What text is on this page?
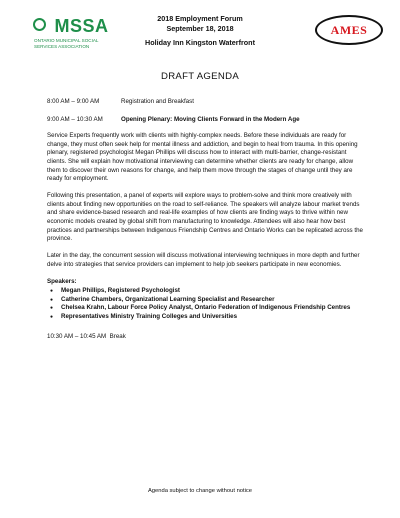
MSSA
ONTARIO MUNICIPAL SOCIAL
SERVICES ASSOCIATION
2018 Employment Forum
September 18, 2018
Holiday Inn Kingston Waterfront
AMES
DRAFT AGENDA
8:00 AM – 9:00 AM	Registration and Breakfast
9:00 AM – 10:30 AM	Opening Plenary: Moving Clients Forward in the Modern Age

Service Experts frequently work with clients with highly-complex needs. Before these individuals are ready for change, they must often seek help for mental illness and addiction, and begin to heal from trauma. In this opening plenary, registered psychologist Megan Phillips will discuss how to interact with multi-barrier, change-resistant clients. She will explain how motivational interviewing can determine whether clients are ready for change, allow them to discover their own reasons for change, and help them move through the stages of change until they are ready for employment.

Following this presentation, a panel of experts will explore ways to problem-solve and think more creatively with clients about finding new opportunities on the road to self-reliance. The speakers will analyze labour market trends and share evidence-based research and real-life examples of how clients are finding ways to thrive within new economic models created by global shift from manufacturing to knowledge. Attendees will also hear how best practices and partnerships between Indigenous Friendship Centres and Ontario Works can be replicated across the province.

Later in the day, the concurrent session will discuss motivational interviewing techniques in more depth and further delve into strategies that service providers can implement to help job seekers participate in new economies.

Speakers:
● Megan Phillips, Registered Psychologist
● Catherine Chambers, Organizational Learning Specialist and Researcher
● Chelsea Krahn, Labour Force Policy Analyst, Ontario Federation of Indigenous Friendship Centres
● Representatives Ministry Training Colleges and Universities
10:30 AM – 10:45 AM
Break
Agenda subject to change without notice
